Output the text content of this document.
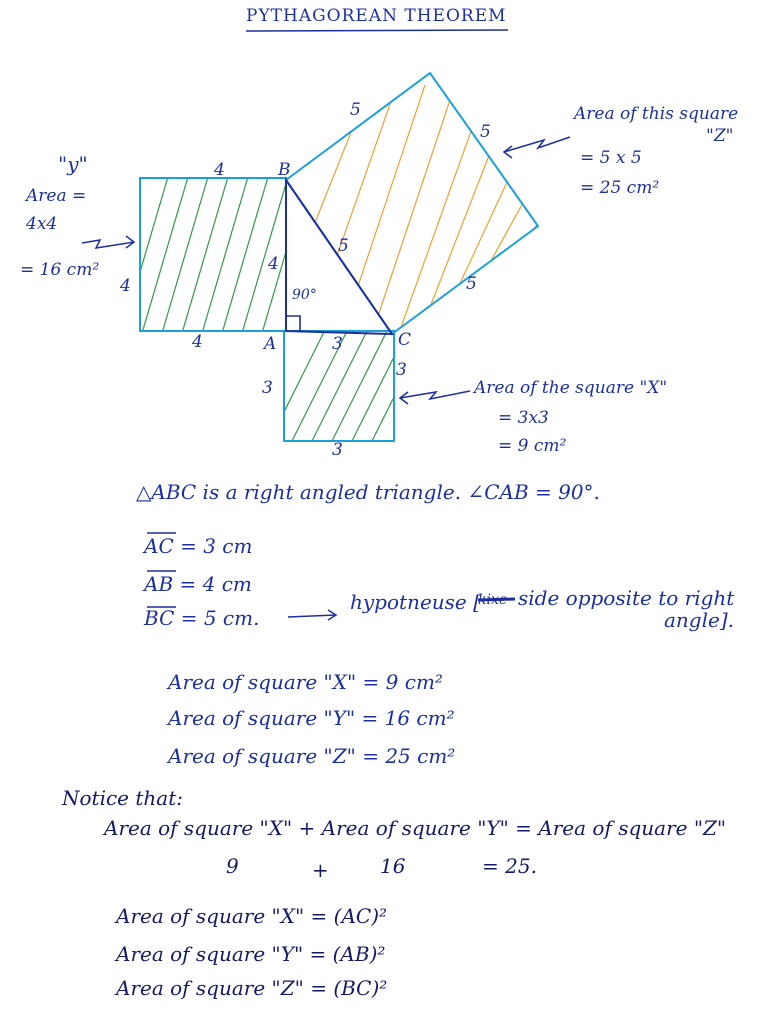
PYTHAGOREAN THEOREM
B
A	C
90°
4
4
4
4
3
5
3
3
3
5
5
5
"y"
Area =
4x4
= 16 cm²
Area of this square
"Z"
= 5 x 5
= 25 cm²
Area of the square "X"
= 3x3
= 9 cm²
△ABC is a right angled triangle. ∠CAB = 90°.
AC = 3 cm
AB = 4 cm
BC = 5 cm.
hypotneuse [
kixe side opposite to right
angle].
Area of square "X" = 9 cm²
Area of square "Y" = 16 cm²
Area of square "Z" = 25 cm²
Notice that:
Area of square "X" + Area of square "Y" = Area of square "Z"
9	+	16	= 25.
Area of square "X" = (AC)²
Area of square "Y" = (AB)²
Area of square "Z" = (BC)²
